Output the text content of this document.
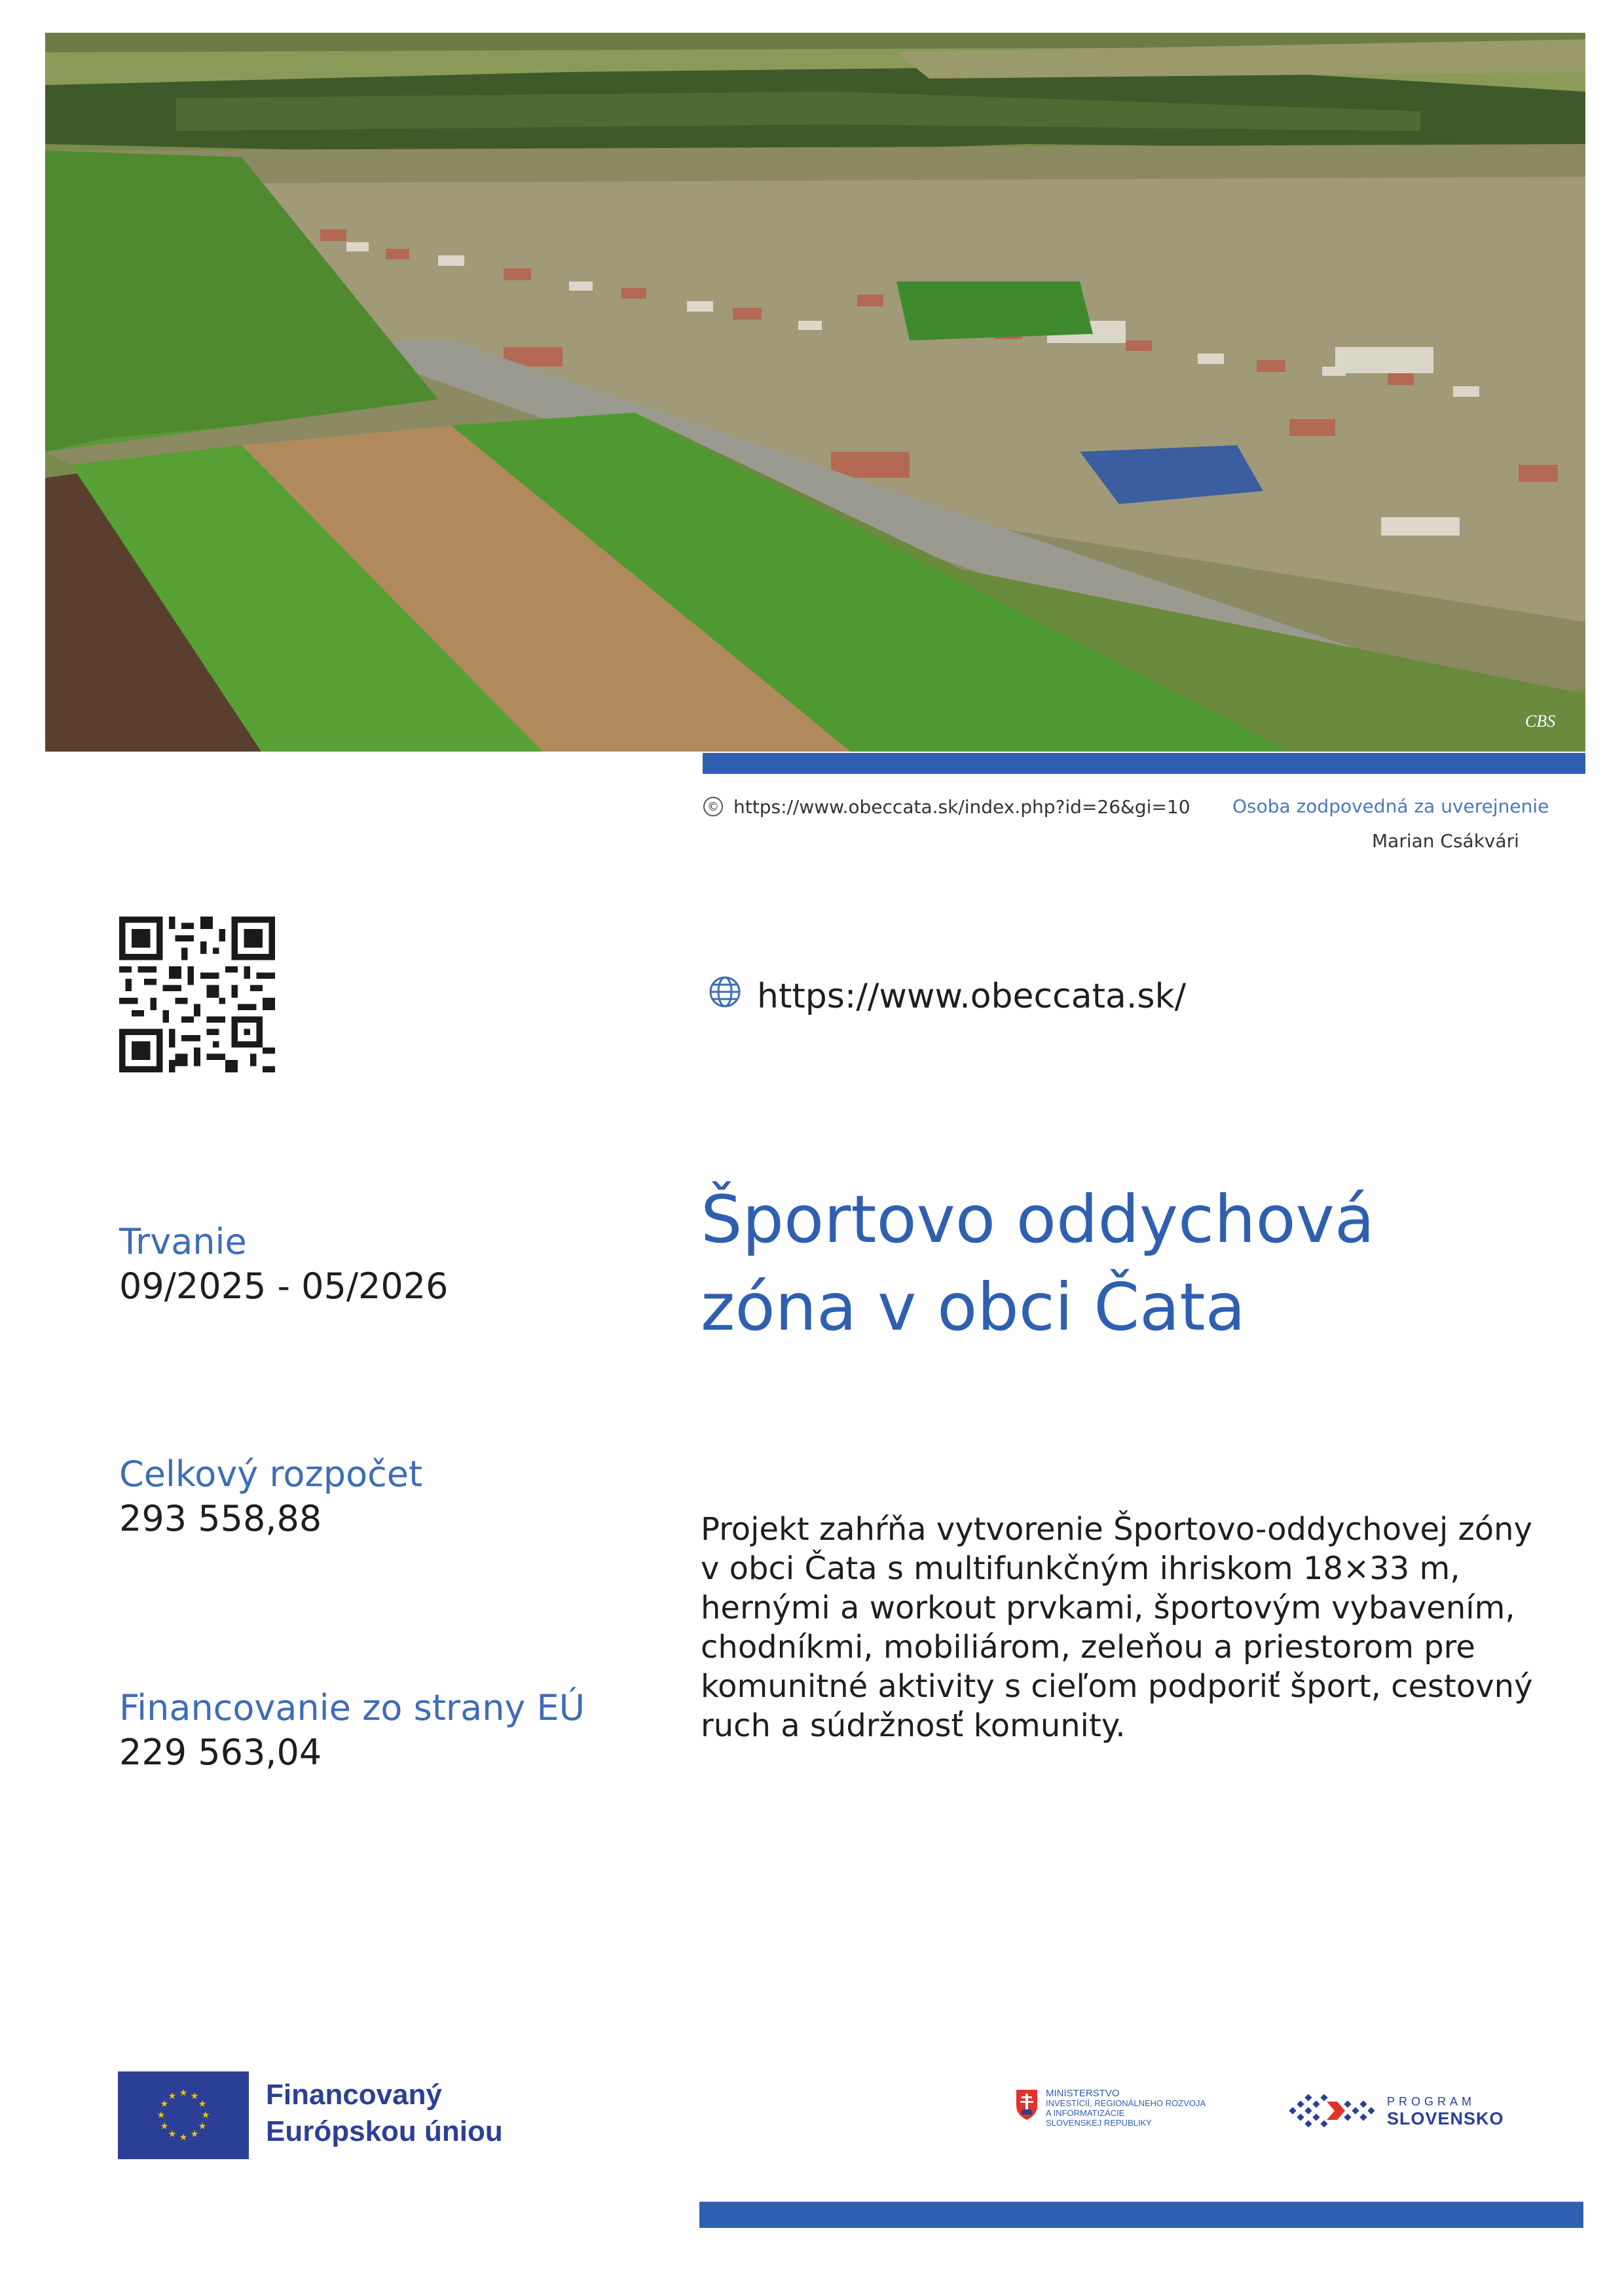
CBS
© https://www.obeccata.sk/index.php?id=26&gi=10 Osoba zodpovedná za uverejnenie
Marian Csákvári
https://www.obeccata.sk/
Športovo oddychová
zóna v obci Čata
Trvanie
09/2025 - 05/2026
Celkový rozpočet
293 558,88
Financovanie zo strany EÚ
229 563,04
Projekt zahŕňa vytvorenie Športovo-oddychovej zóny v obci Čata s multifunkčným ihriskom 18×33 m, hernými a workout prvkami, športovým vybavením, chodníkmi, mobiliárom, zeleňou a priestorom pre komunitné aktivity s cieľom podporiť šport, cestovný ruch a súdržnosť komunity.
★ ★
★
★
★
★
★
★
★
★
★
★	Financovaný
Európskou úniou
MINISTERSTVO
INVESTÍCIÍ, REGIONÁLNEHO ROZVOJA
A INFORMATIZÁCIE
SLOVENSKEJ REPUBLIKY
PROGRAM
SLOVENSKO
